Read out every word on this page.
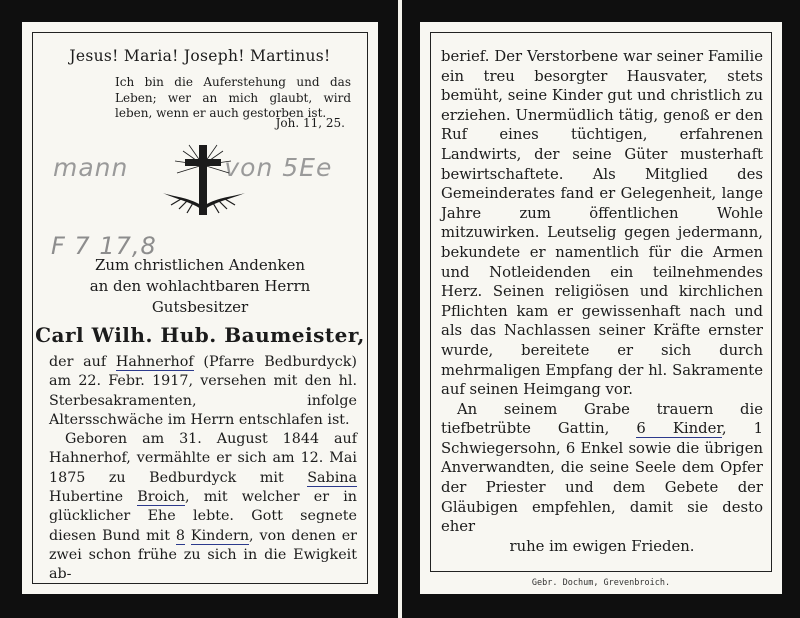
Jesus! Maria! Joseph! Martinus!
Ich bin die Auferstehung und das Leben; wer an mich glaubt, wird leben, wenn er auch gestorben ist.
Joh. 11, 25.
mann	von 5Ee
F 7 17,8
Zum christlichen Andenken
an den wohlachtbaren Herrn
Gutsbesitzer
Carl Wilh. Hub. Baumeister,

der auf Hahnerhof (Pfarre Bedburdyck) am 22. Febr. 1917, versehen mit den hl. Sterbesakramenten, infolge Altersschwäche im Herrn entschlafen ist.

Geboren am 31. August 1844 auf Hahnerhof, vermählte er sich am 12. Mai 1875 zu Bedburdyck mit Sabina Hubertine Broich, mit welcher er in glücklicher Ehe lebte. Gott segnete diesen Bund mit 8 Kindern, von denen er zwei schon frühe zu sich in die Ewigkeit ab-

berief. Der Verstorbene war seiner Familie ein treu besorgter Hausvater, stets bemüht, seine Kinder gut und christlich zu erziehen. Unermüdlich tätig, genoß er den Ruf eines tüchtigen, erfahrenen Landwirts, der seine Güter musterhaft bewirtschaftete. Als Mitglied des Gemeinderates fand er Gelegenheit, lange Jahre zum öffentlichen Wohle mitzuwirken. Leutselig gegen jedermann, bekundete er namentlich für die Armen und Notleidenden ein teilnehmendes Herz. Seinen religiösen und kirchlichen Pflichten kam er gewissenhaft nach und als das Nachlassen seiner Kräfte ernster wurde, bereitete er sich durch mehrmaligen Empfang der hl. Sakramente auf seinen Heimgang vor.

An seinem Grabe trauern die tiefbetrübte Gattin, 6 Kinder, 1 Schwiegersohn, 6 Enkel sowie die übrigen Anverwandten, die seine Seele dem Opfer der Priester und dem Gebete der Gläubigen empfehlen, damit sie desto eher

ruhe im ewigen Frieden.

Gebr. Dochum, Grevenbroich.
